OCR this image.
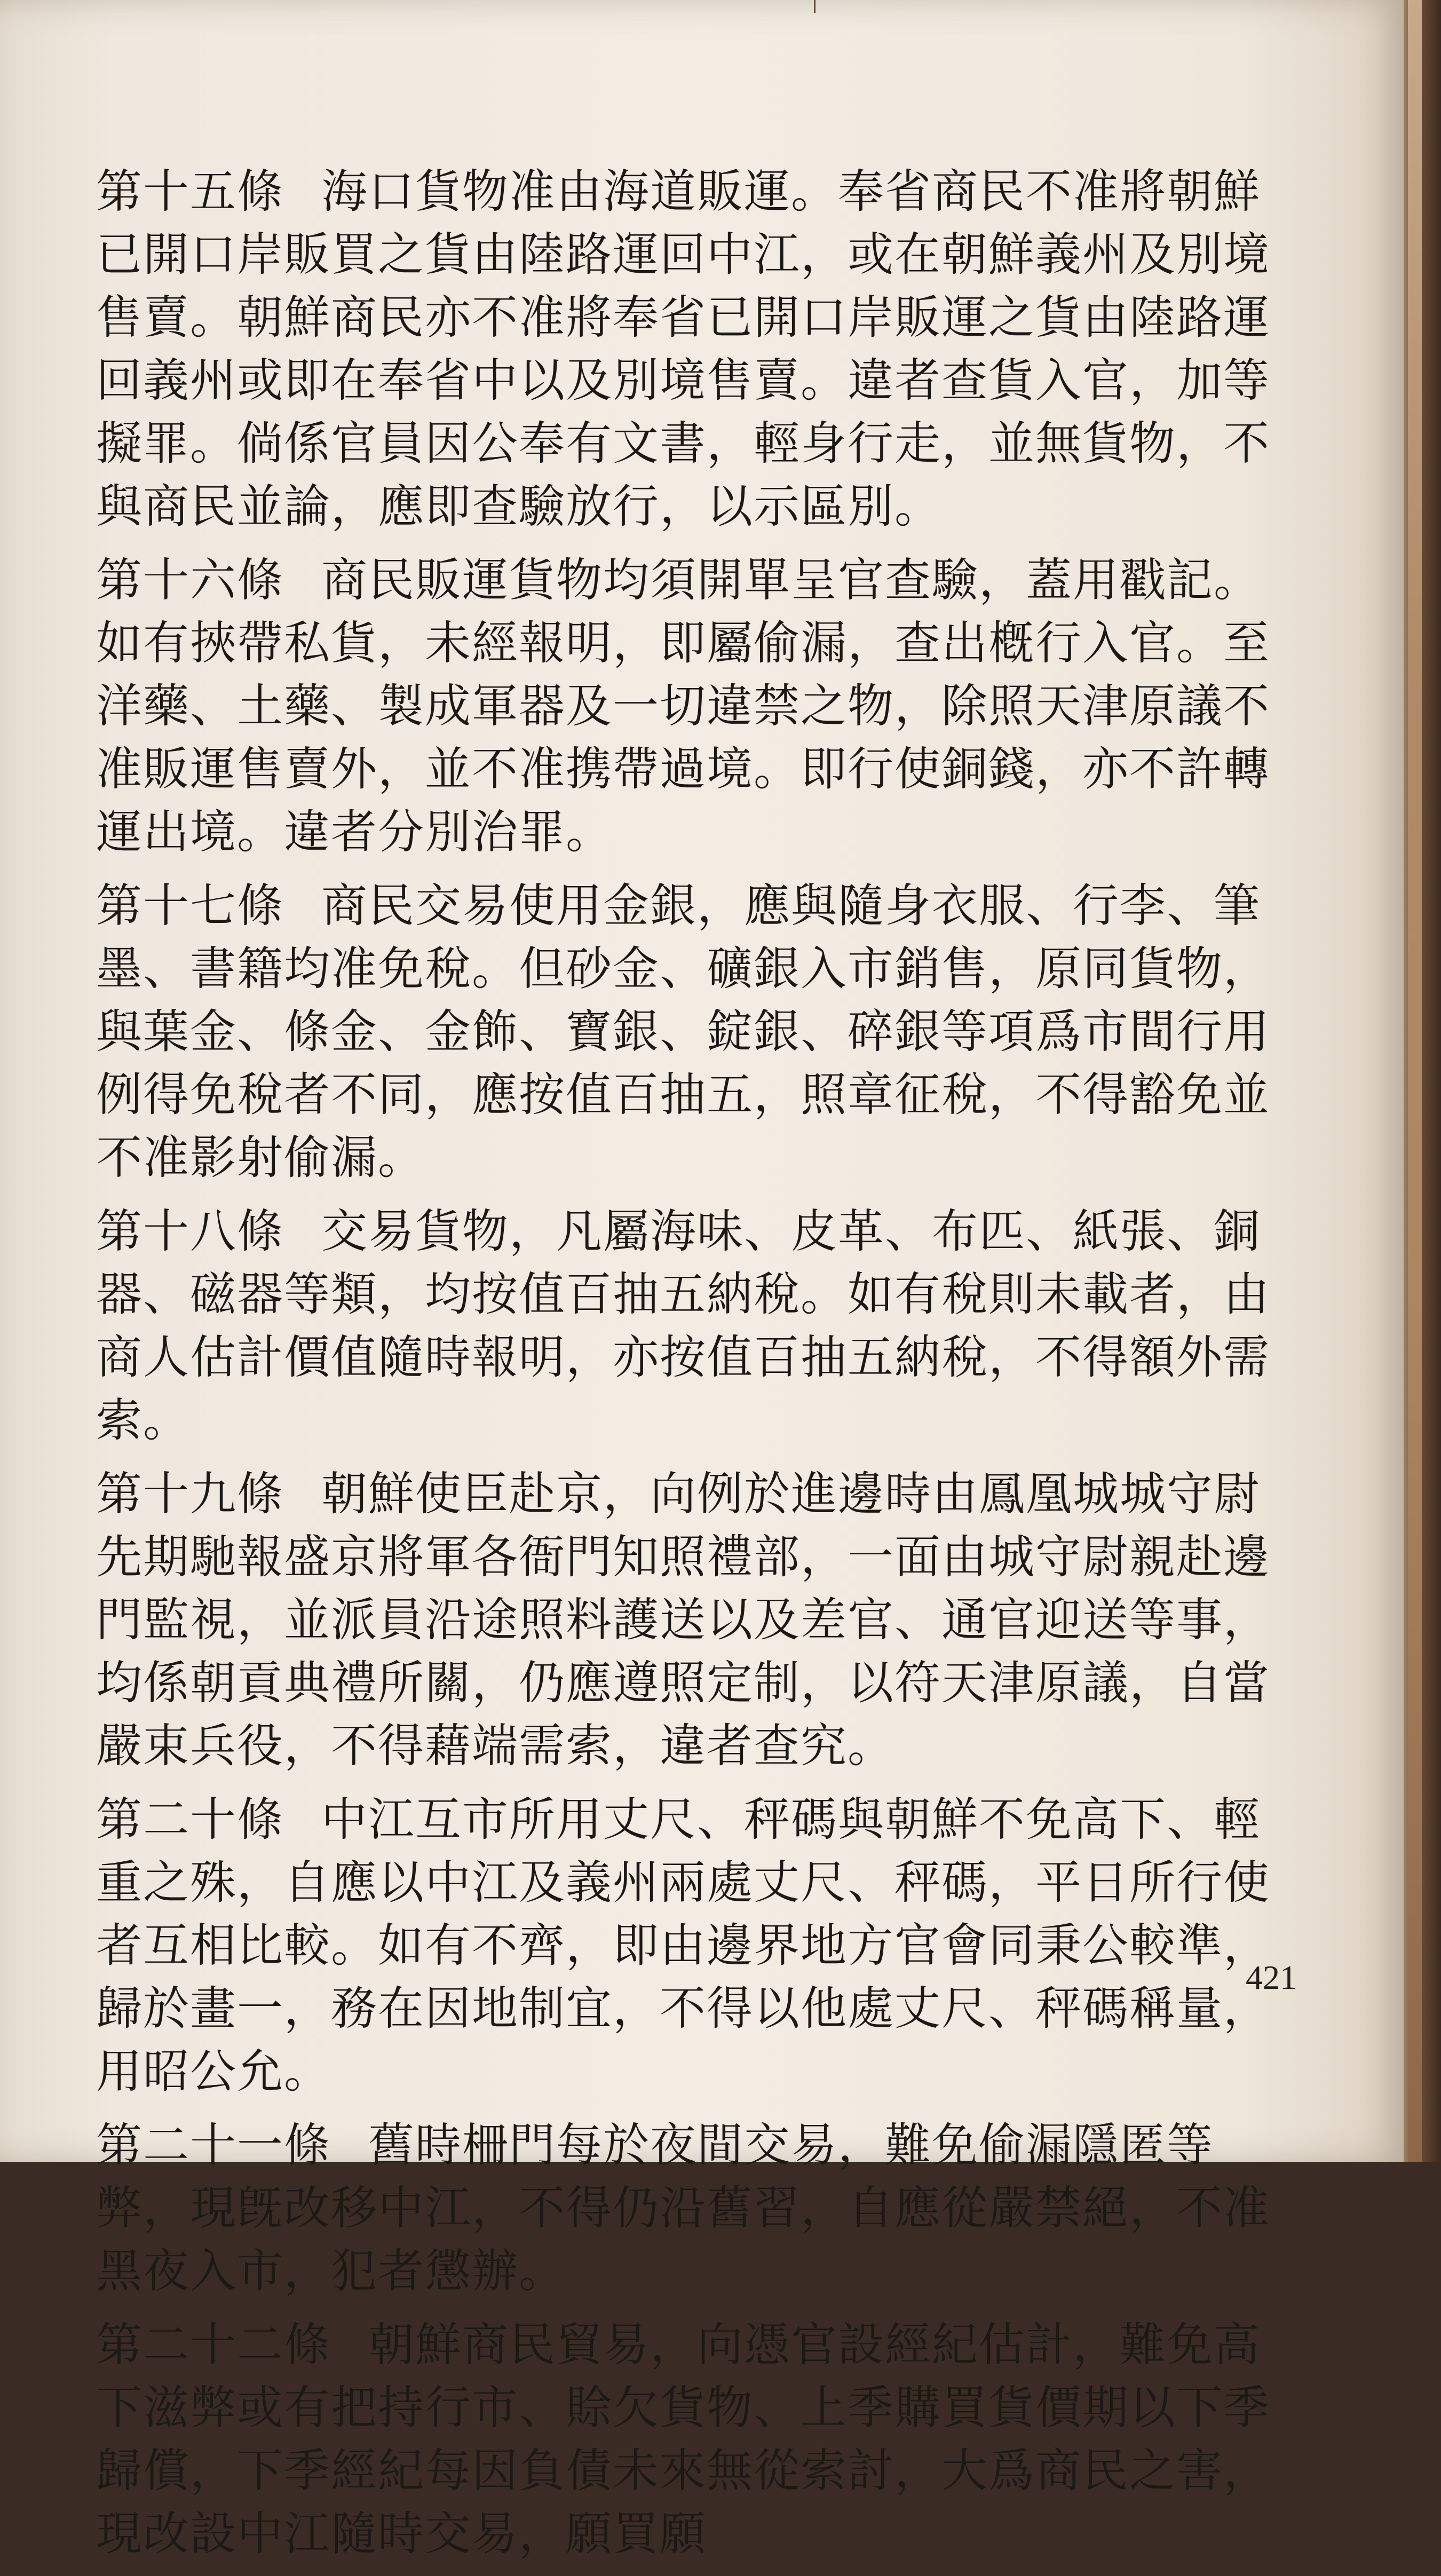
第十五條 海口貨物准由海道販運。奉省商民不准將朝鮮已開口岸販買之貨由陸路運回中江，或在朝鮮義州及別境售賣。朝鮮商民亦不准將奉省已開口岸販運之貨由陸路運回義州或即在奉省中以及別境售賣。違者查貨入官，加等擬罪。倘係官員因公奉有文書，輕身行走，並無貨物，不與商民並論，應即查驗放行，以示區別。

第十六條 商民販運貨物均須開單呈官查驗，蓋用戳記。如有挾帶私貨，未經報明，即屬偷漏，查出槪行入官。至洋藥、土藥、製成軍器及一切違禁之物，除照天津原議不准販運售賣外，並不准携帶過境。即行使銅錢，亦不許轉運出境。違者分別治罪。

第十七條 商民交易使用金銀，應與隨身衣服、行李、筆墨、書籍均准免稅。但砂金、礦銀入市銷售，原同貨物，與葉金、條金、金飾、寶銀、錠銀、碎銀等項爲市間行用例得免稅者不同，應按值百抽五，照章征稅，不得豁免並不准影射偷漏。

第十八條 交易貨物，凡屬海味、皮革、布匹、紙張、銅器、磁器等類，均按值百抽五納稅。如有稅則未載者，由商人估計價值隨時報明，亦按值百抽五納稅，不得額外需索。

第十九條 朝鮮使臣赴京，向例於進邊時由鳳凰城城守尉先期馳報盛京將軍各衙門知照禮部，一面由城守尉親赴邊門監視，並派員沿途照料護送以及差官、通官迎送等事，均係朝貢典禮所關，仍應遵照定制，以符天津原議，自當嚴束兵役，不得藉端需索，違者查究。

第二十條 中江互市所用丈尺、秤碼與朝鮮不免高下、輕重之殊，自應以中江及義州兩處丈尺、秤碼，平日所行使者互相比較。如有不齊，即由邊界地方官會同秉公較準，歸於畫一，務在因地制宜，不得以他處丈尺、秤碼稱量，用昭公允。

第二十一條 舊時柵門每於夜間交易，難免偷漏隱匿等弊，現旣改移中江，不得仍沿舊習，自應從嚴禁絕，不准黑夜入市，犯者懲辦。

第二十二條 朝鮮商民貿易，向憑官設經紀估計，難免高下滋弊或有把持行市、賒欠貨物、上季購買貨價期以下季歸償，下季經紀每因負債未來無從索討，大爲商民之害，現改設中江隨時交易，願買願

421
